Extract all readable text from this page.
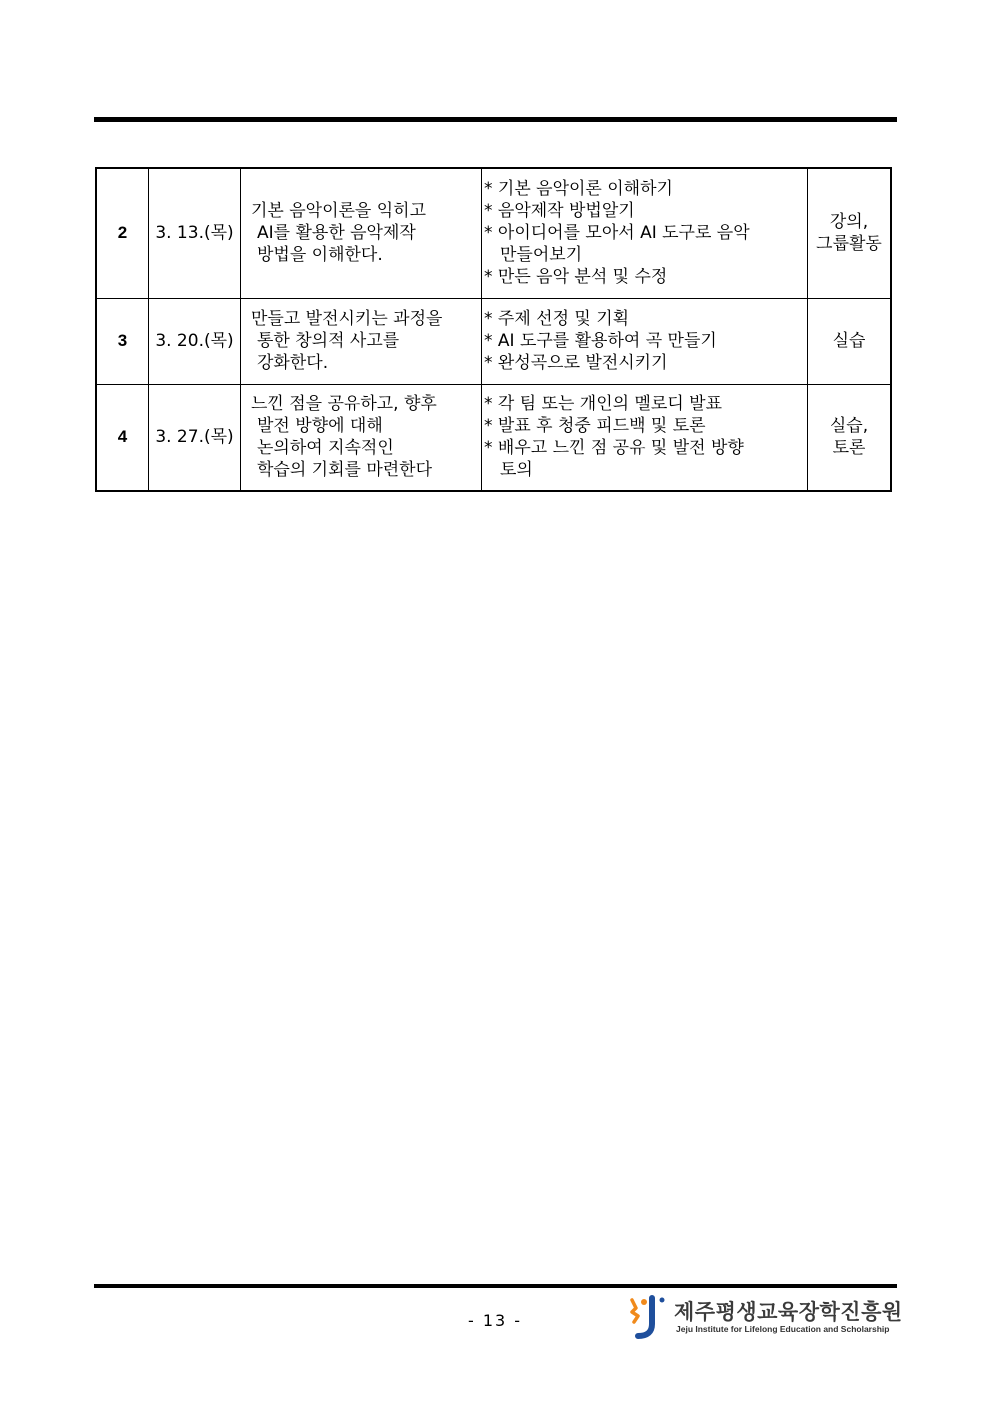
2	3. 13.(목)	기본 음악이론을 익히고
AI를 활용한 음악제작
방법을 이해한다.	* 기본 음악이론 이해하기
* 음악제작 방법알기
* 아이디어를 모아서 AI 도구로 음악
만들어보기
* 만든 음악 분석 및 수정	강의,
그룹활동

3	3. 20.(목)	만들고 발전시키는 과정을
통한 창의적 사고를
강화한다.	* 주제 선정 및 기획
* AI 도구를 활용하여 곡 만들기
* 완성곡으로 발전시키기	실습

4	3. 27.(목)	느낀 점을 공유하고, 향후
발전 방향에 대해
논의하여 지속적인
학습의 기회를 마련한다	* 각 팀 또는 개인의 멜로디 발표
* 발표 후 청중 피드백 및 토론
* 배우고 느낀 점 공유 및 발전 방향
토의	실습,
토론
- 13 -	제주평생교육장학진흥원
Jeju Institute for Lifelong Education and Scholarship
